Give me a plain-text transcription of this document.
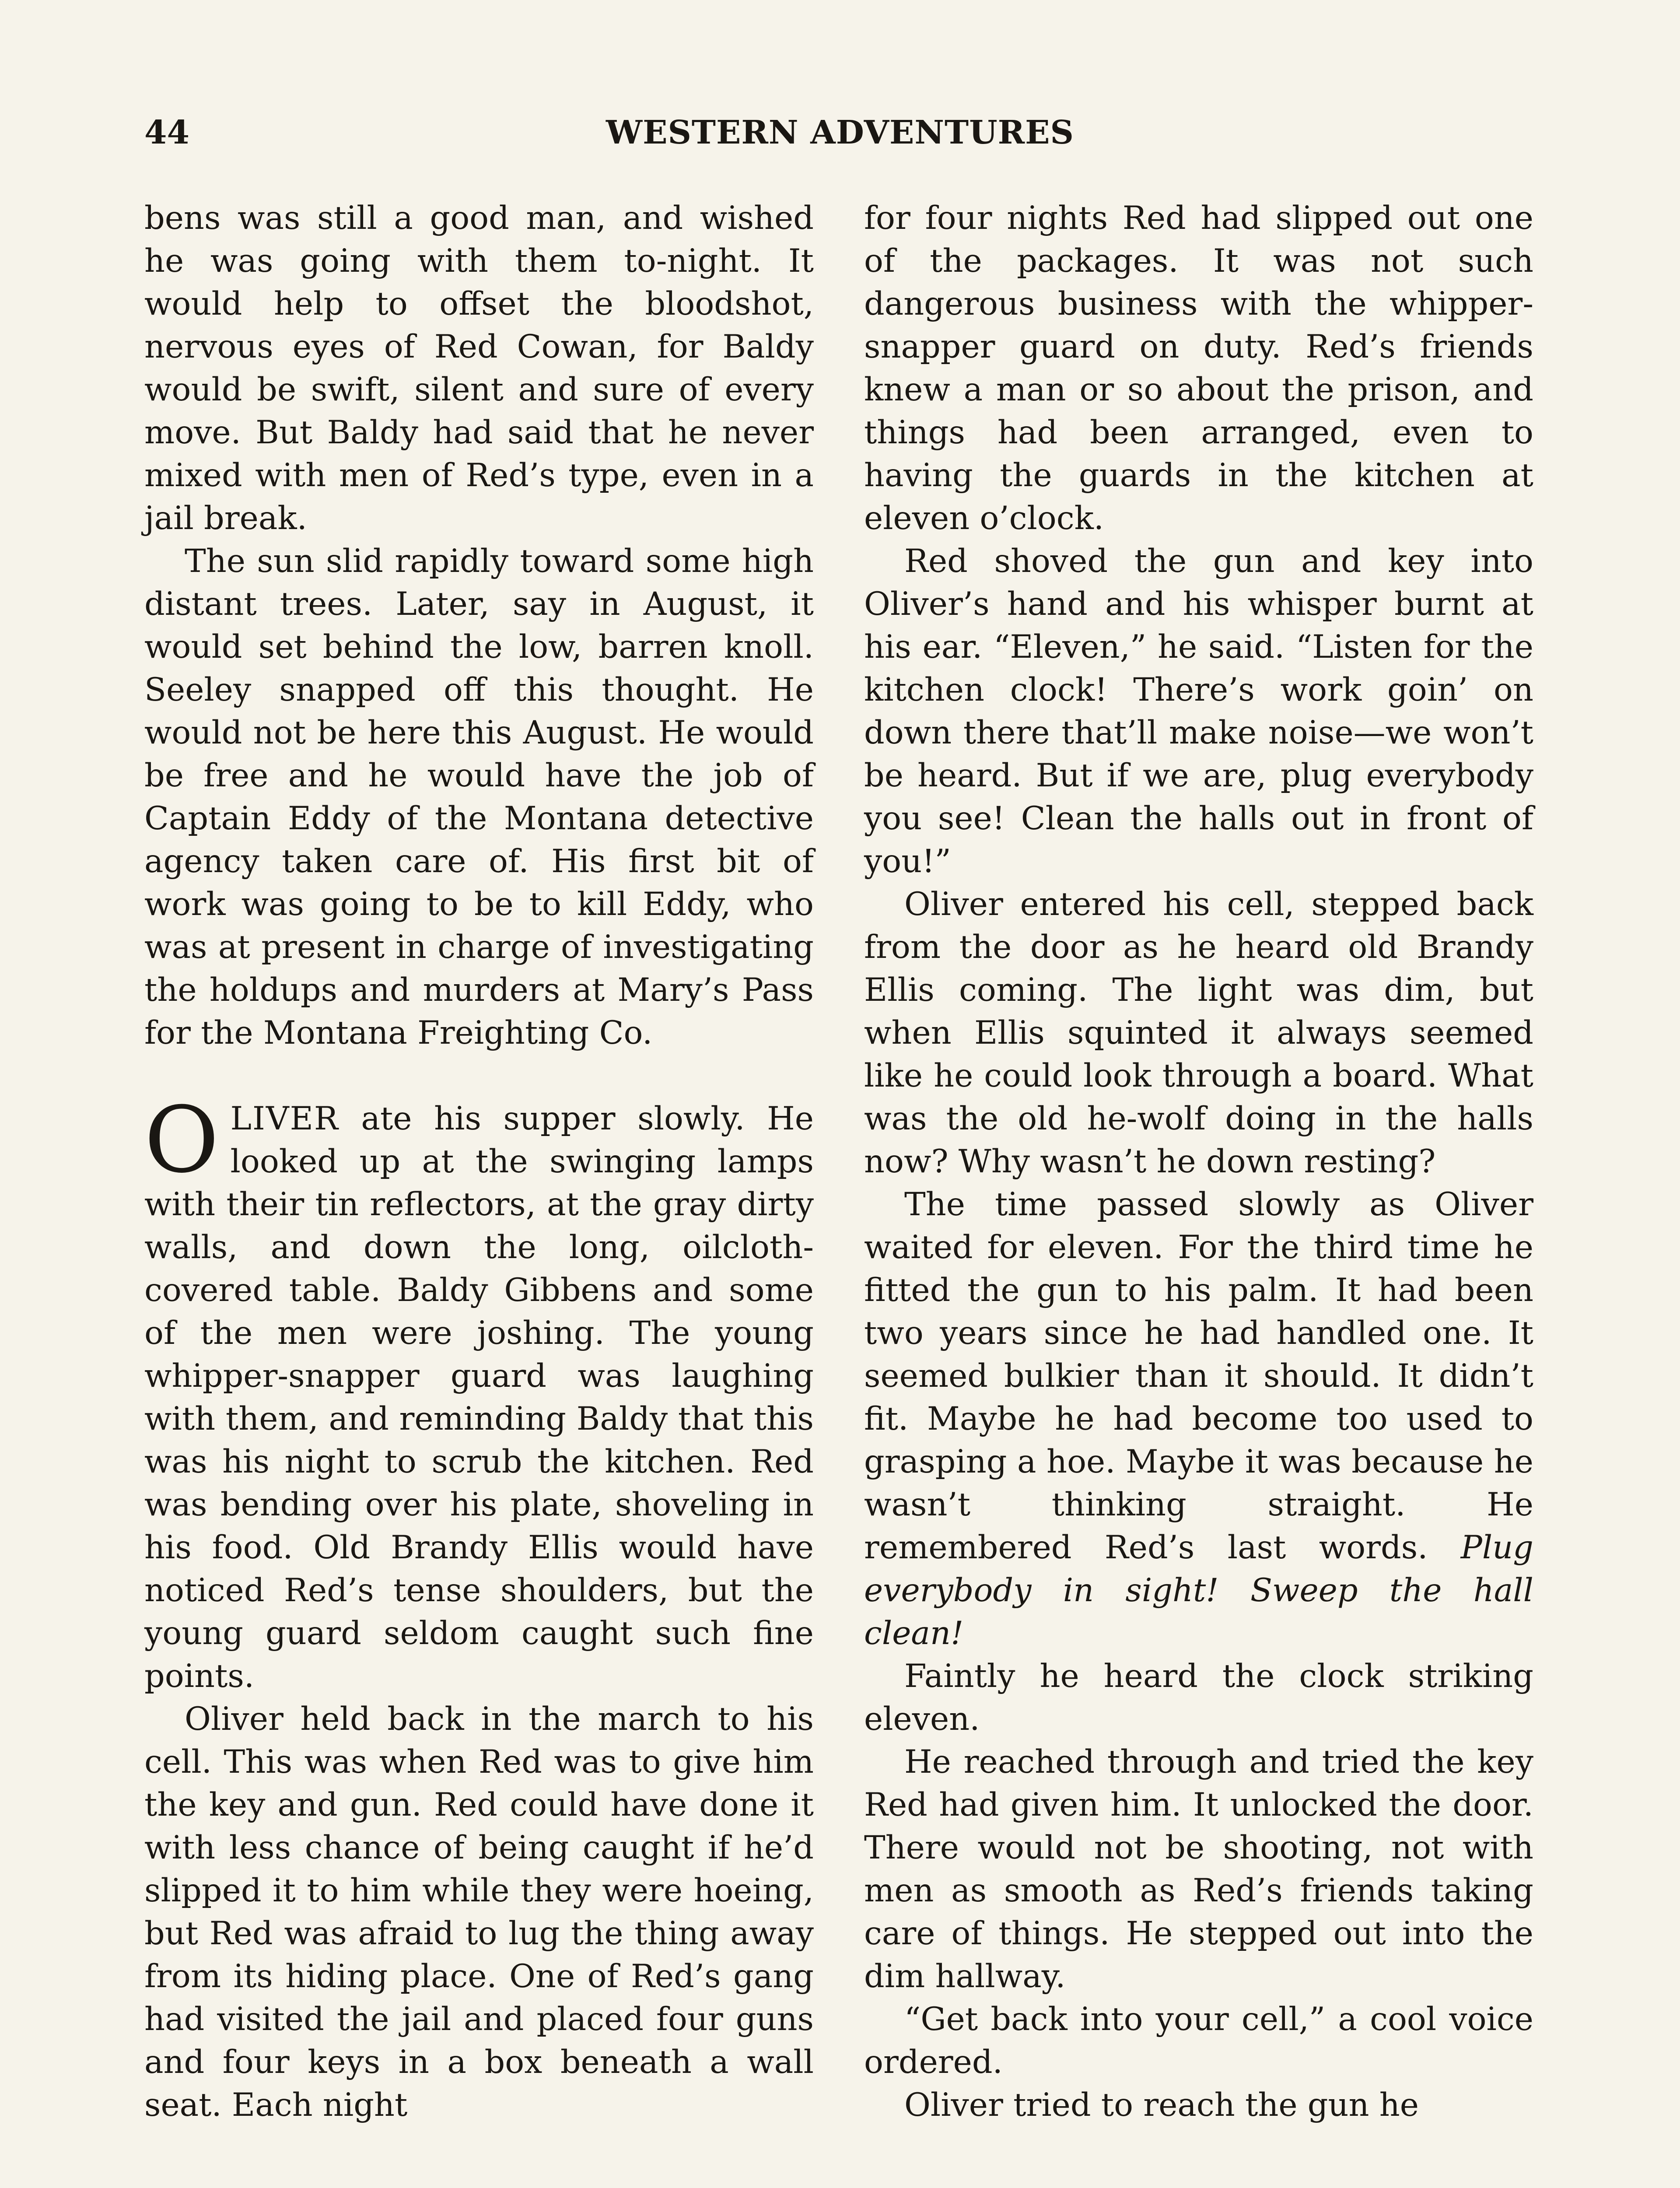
44	WESTERN ADVENTURES

bens was still a good man, and wished he was going with them to-night. It would help to offset the bloodshot, nervous eyes of Red Cowan, for Baldy would be swift, silent and sure of every move. But Baldy had said that he never mixed with men of Red’s type, even in a jail break.

The sun slid rapidly toward some high distant trees. Later, say in August, it would set behind the low, barren knoll. Seeley snapped off this thought. He would not be here this August. He would be free and he would have the job of Captain Eddy of the Montana detective agency taken care of. His first bit of work was going to be to kill Eddy, who was at present in charge of investigating the holdups and murders at Mary’s Pass for the Montana Freighting Co.

OLIVER ate his supper slowly. He looked up at the swinging lamps with their tin reflectors, at the gray dirty walls, and down the long, oilcloth-covered table. Baldy Gibbens and some of the men were joshing. The young whipper-snapper guard was laughing with them, and reminding Baldy that this was his night to scrub the kitchen. Red was bending over his plate, shoveling in his food. Old Brandy Ellis would have noticed Red’s tense shoulders, but the young guard seldom caught such fine points.

Oliver held back in the march to his cell. This was when Red was to give him the key and gun. Red could have done it with less chance of being caught if he’d slipped it to him while they were hoeing, but Red was afraid to lug the thing away from its hiding place. One of Red’s gang had visited the jail and placed four guns and four keys in a box beneath a wall seat. Each night

for four nights Red had slipped out one of the packages. It was not such dangerous business with the whipper-snapper guard on duty. Red’s friends knew a man or so about the prison, and things had been arranged, even to having the guards in the kitchen at eleven o’clock.

Red shoved the gun and key into Oliver’s hand and his whisper burnt at his ear. “Eleven,” he said. “Listen for the kitchen clock! There’s work goin’ on down there that’ll make noise—we won’t be heard. But if we are, plug everybody you see! Clean the halls out in front of you!”

Oliver entered his cell, stepped back from the door as he heard old Brandy Ellis coming. The light was dim, but when Ellis squinted it always seemed like he could look through a board. What was the old he-wolf doing in the halls now? Why wasn’t he down resting?

The time passed slowly as Oliver waited for eleven. For the third time he fitted the gun to his palm. It had been two years since he had handled one. It seemed bulkier than it should. It didn’t fit. Maybe he had become too used to grasping a hoe. Maybe it was because he wasn’t thinking straight. He remembered Red’s last words. Plug everybody in sight! Sweep the hall clean!

Faintly he heard the clock striking eleven.

He reached through and tried the key Red had given him. It unlocked the door. There would not be shooting, not with men as smooth as Red’s friends taking care of things. He stepped out into the dim hallway.

“Get back into your cell,” a cool voice ordered.

Oliver tried to reach the gun he
